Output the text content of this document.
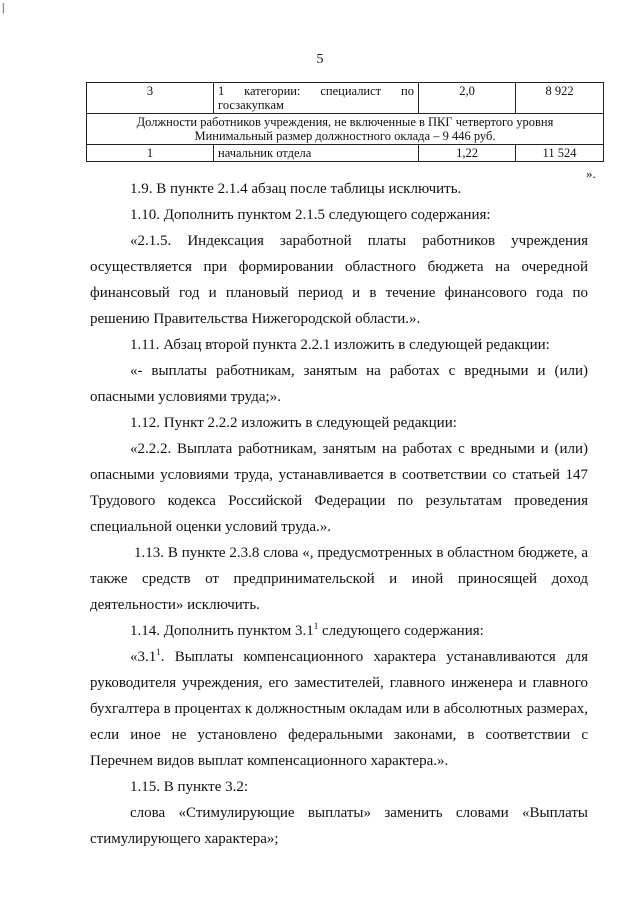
|
5
3	1 категории: специалист по госзакупкам	2,0	8 922

Должности работников учреждения, не включенные в ПКГ четвертого уровня
Минимальный размер должностного оклада – 9 446 руб.			

1	начальник отдела	1,22	11 524
».

1.9. В пункте 2.1.4 абзац после таблицы исключить.

1.10. Дополнить пунктом 2.1.5 следующего содержания:

«2.1.5. Индексация заработной платы работников учреждения осуществляется при формировании областного бюджета на очередной финансовый год и плановый период и в течение финансового года по решению Правительства Нижегородской области.».

1.11. Абзац второй пункта 2.2.1 изложить в следующей редакции:

«- выплаты работникам, занятым на работах с вредными и (или) опасными условиями труда;».

1.12. Пункт 2.2.2 изложить в следующей редакции:

«2.2.2. Выплата работникам, занятым на работах с вредными и (или) опасными условиями труда, устанавливается в соответствии со статьей 147 Трудового кодекса Российской Федерации по результатам проведения специальной оценки условий труда.».

1.13. В пункте 2.3.8 слова «, предусмотренных в областном бюджете, а также средств от предпринимательской и иной приносящей доход деятельности» исключить.

1.14. Дополнить пунктом $3.1^1$ следующего содержания:

«$3.1^1$. Выплаты компенсационного характера устанавливаются для руководителя учреждения, его заместителей, главного инженера и главного бухгалтера в процентах к должностным окладам или в абсолютных размерах, если иное не установлено федеральными законами, в соответствии с Перечнем видов выплат компенсационного характера.».

1.15. В пункте 3.2:

слова «Стимулирующие выплаты» заменить словами «Выплаты стимулирующего характера»;
